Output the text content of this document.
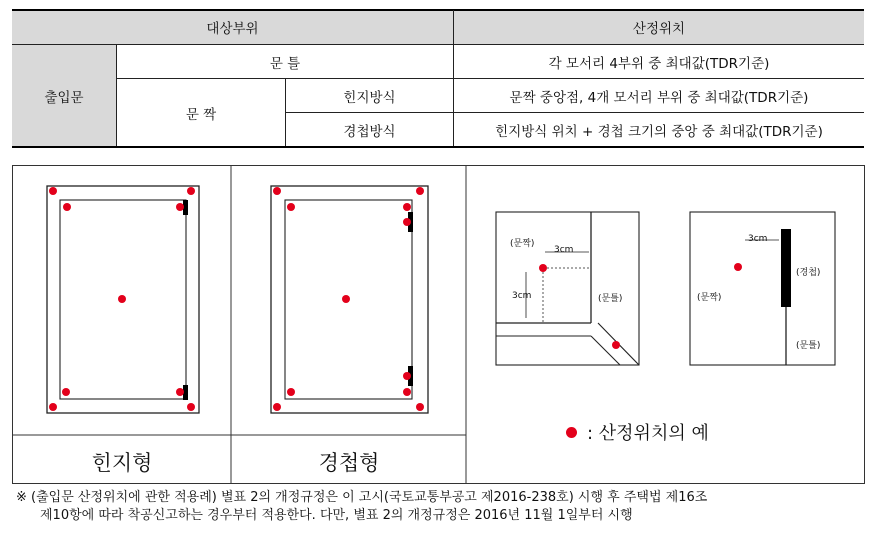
대상부위	산정위치
출입문
문 틀	각 모서리 4부위 중 최대값(TDR기준)
문 짝
힌지방식	문짝 중앙점, 4개 모서리 부위 중 최대값(TDR기준)
경첩방식	힌지방식 위치 + 경첩 크기의 중앙 중 최대값(TDR기준)
(문짝)
3cm
3cm	(문틀)
3cm
(경첩)
(문짝)
(문틀)
힌지형	경첩형
: 산정위치의 예
※ (출입문 산정위치에 관한 적용례) 별표 2의 개정규정은 이 고시(국토교통부공고 제2016-238호) 시행 후 주택법 제16조
제10항에 따라 착공신고하는 경우부터 적용한다. 다만, 별표 2의 개정규정은 2016년 11월 1일부터 시행
